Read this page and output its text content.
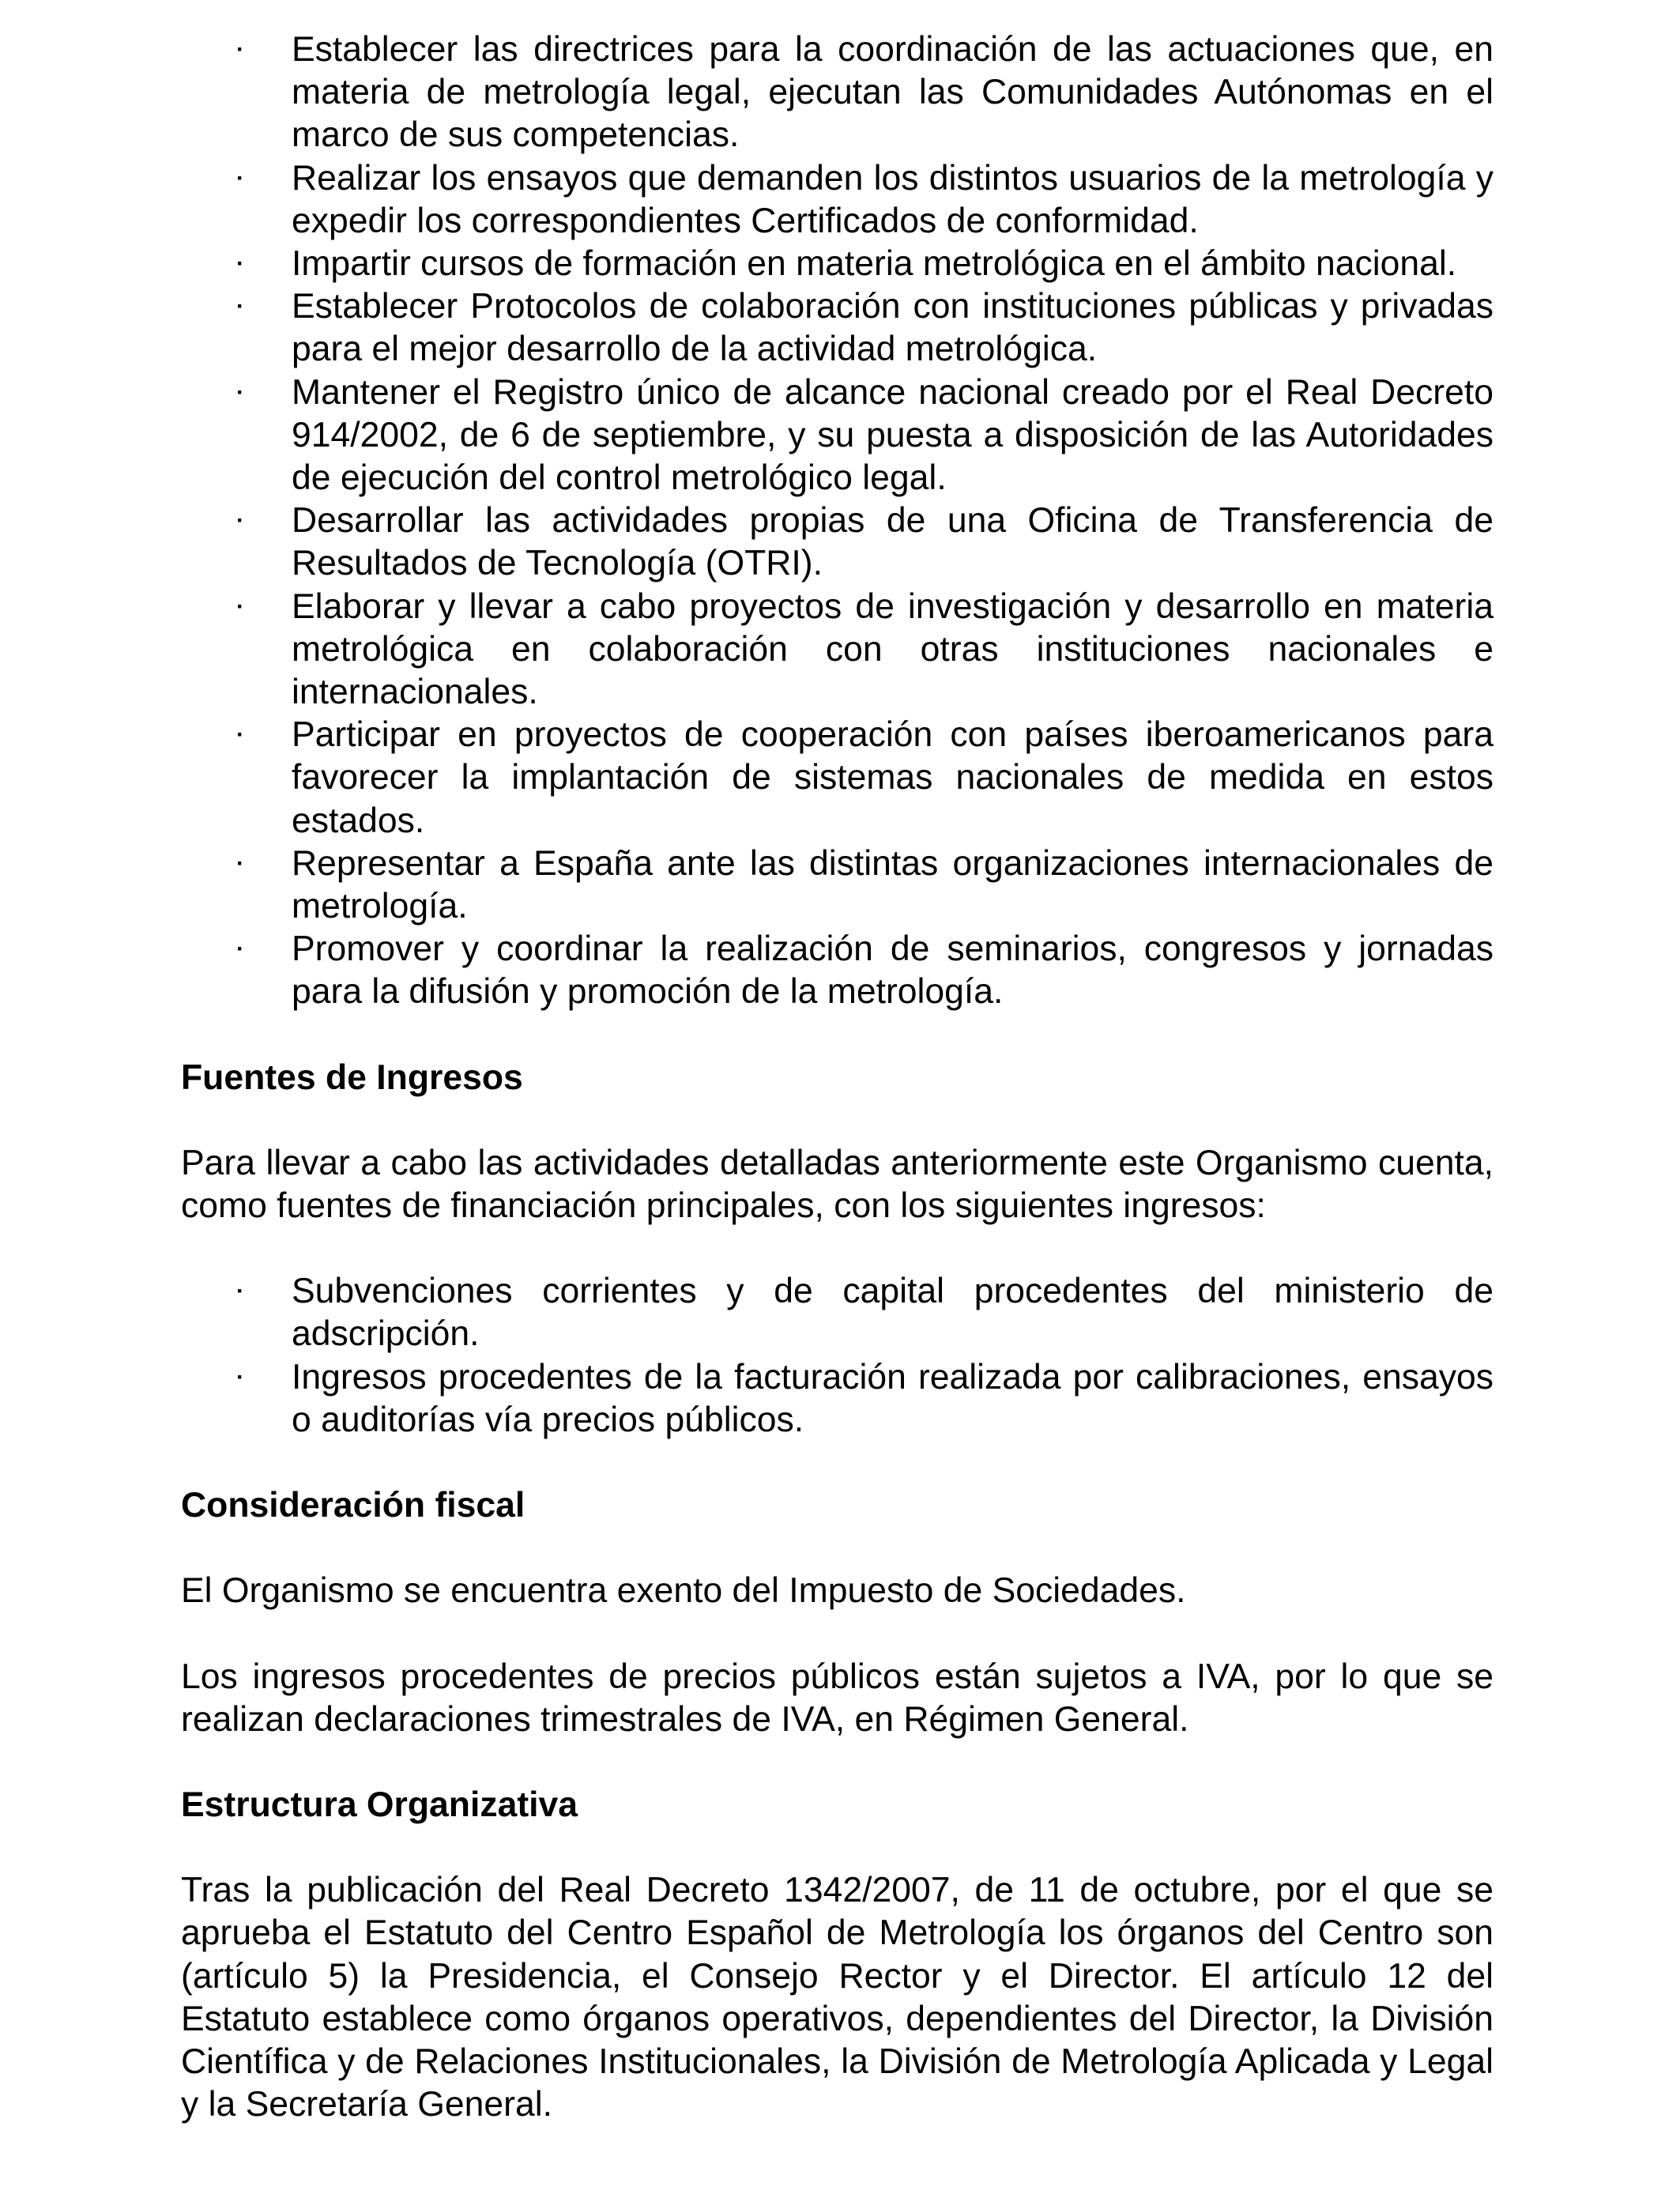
· Establecer las directrices para la coordinación de las actuaciones que, en materia de metrología legal, ejecutan las Comunidades Autónomas en el marco de sus competencias.
· Realizar los ensayos que demanden los distintos usuarios de la metrología y expedir los correspondientes Certificados de conformidad.
· Impartir cursos de formación en materia metrológica en el ámbito nacional.
· Establecer Protocolos de colaboración con instituciones públicas y privadas para el mejor desarrollo de la actividad metrológica.
· Mantener el Registro único de alcance nacional creado por el Real Decreto 914/2002, de 6 de septiembre, y su puesta a disposición de las Autoridades de ejecución del control metrológico legal.
· Desarrollar las actividades propias de una Oficina de Transferencia de Resultados de Tecnología (OTRI).
· Elaborar y llevar a cabo proyectos de investigación y desarrollo en materia metrológica en colaboración con otras instituciones nacionales e internacionales.
· Participar en proyectos de cooperación con países iberoamericanos para favorecer la implantación de sistemas nacionales de medida en estos estados.
· Representar a España ante las distintas organizaciones internacionales de metrología.
· Promover y coordinar la realización de seminarios, congresos y jornadas para la difusión y promoción de la metrología.
Fuentes de Ingresos

Para llevar a cabo las actividades detalladas anteriormente este Organismo cuenta, como fuentes de financiación principales, con los siguientes ingresos:

· Subvenciones corrientes y de capital procedentes del ministerio de adscripción.
· Ingresos procedentes de la facturación realizada por calibraciones, ensayos o auditorías vía precios públicos.
Consideración fiscal

El Organismo se encuentra exento del Impuesto de Sociedades.

Los ingresos procedentes de precios públicos están sujetos a IVA, por lo que se realizan declaraciones trimestrales de IVA, en Régimen General.

Estructura Organizativa

Tras la publicación del Real Decreto 1342/2007, de 11 de octubre, por el que se aprueba el Estatuto del Centro Español de Metrología los órganos del Centro son (artículo 5) la Presidencia, el Consejo Rector y el Director. El artículo 12 del Estatuto establece como órganos operativos, dependientes del Director, la División Científica y de Relaciones Institucionales, la División de Metrología Aplicada y Legal y la Secretaría General.
